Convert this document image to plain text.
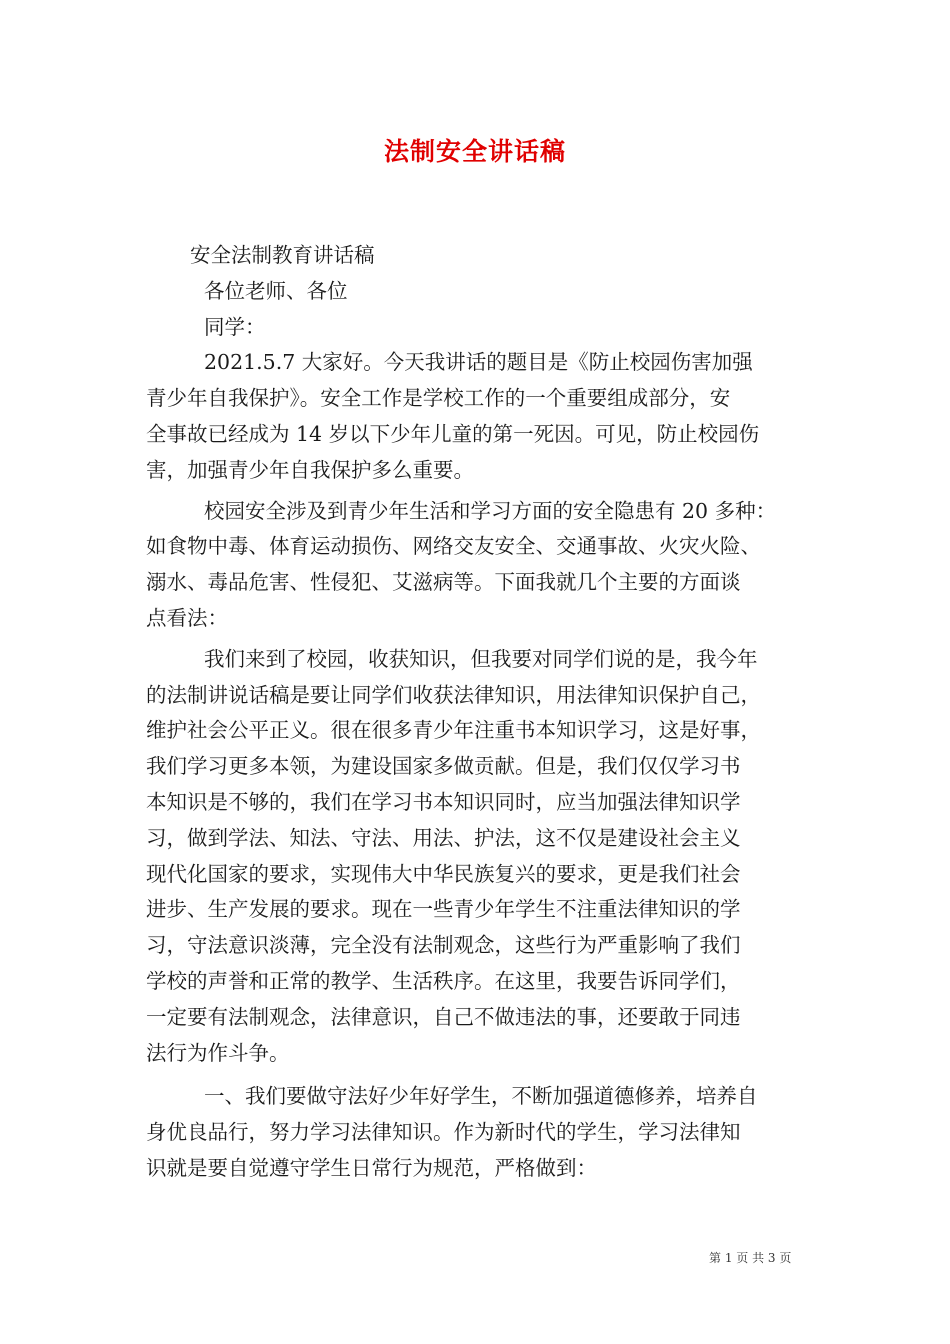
法制安全讲话稿

安全法制教育讲话稿

各位老师、各位

同学：

2021.5.7 大家好。今天我讲话的题目是《防止校园伤害加强

青少年自我保护》。安全工作是学校工作的一个重要组成部分，安

全事故已经成为 14 岁以下少年儿童的第一死因。可见，防止校园伤

害，加强青少年自我保护多么重要。

校园安全涉及到青少年生活和学习方面的安全隐患有 20 多种：

如食物中毒、体育运动损伤、网络交友安全、交通事故、火灾火险、

溺水、毒品危害、性侵犯、艾滋病等。下面我就几个主要的方面谈

点看法：

我们来到了校园，收获知识，但我要对同学们说的是，我今年

的法制讲说话稿是要让同学们收获法律知识，用法律知识保护自己，

维护社会公平正义。很在很多青少年注重书本知识学习，这是好事，

我们学习更多本领，为建设国家多做贡献。但是，我们仅仅学习书

本知识是不够的，我们在学习书本知识同时，应当加强法律知识学

习，做到学法、知法、守法、用法、护法，这不仅是建设社会主义

现代化国家的要求，实现伟大中华民族复兴的要求，更是我们社会

进步、生产发展的要求。现在一些青少年学生不注重法律知识的学

习，守法意识淡薄，完全没有法制观念，这些行为严重影响了我们

学校的声誉和正常的教学、生活秩序。在这里，我要告诉同学们，

一定要有法制观念，法律意识，自己不做违法的事，还要敢于同违

法行为作斗争。

一、我们要做守法好少年好学生，不断加强道德修养，培养自

身优良品行，努力学习法律知识。作为新时代的学生，学习法律知

识就是要自觉遵守学生日常行为规范，严格做到：

第 1 页 共 3 页
